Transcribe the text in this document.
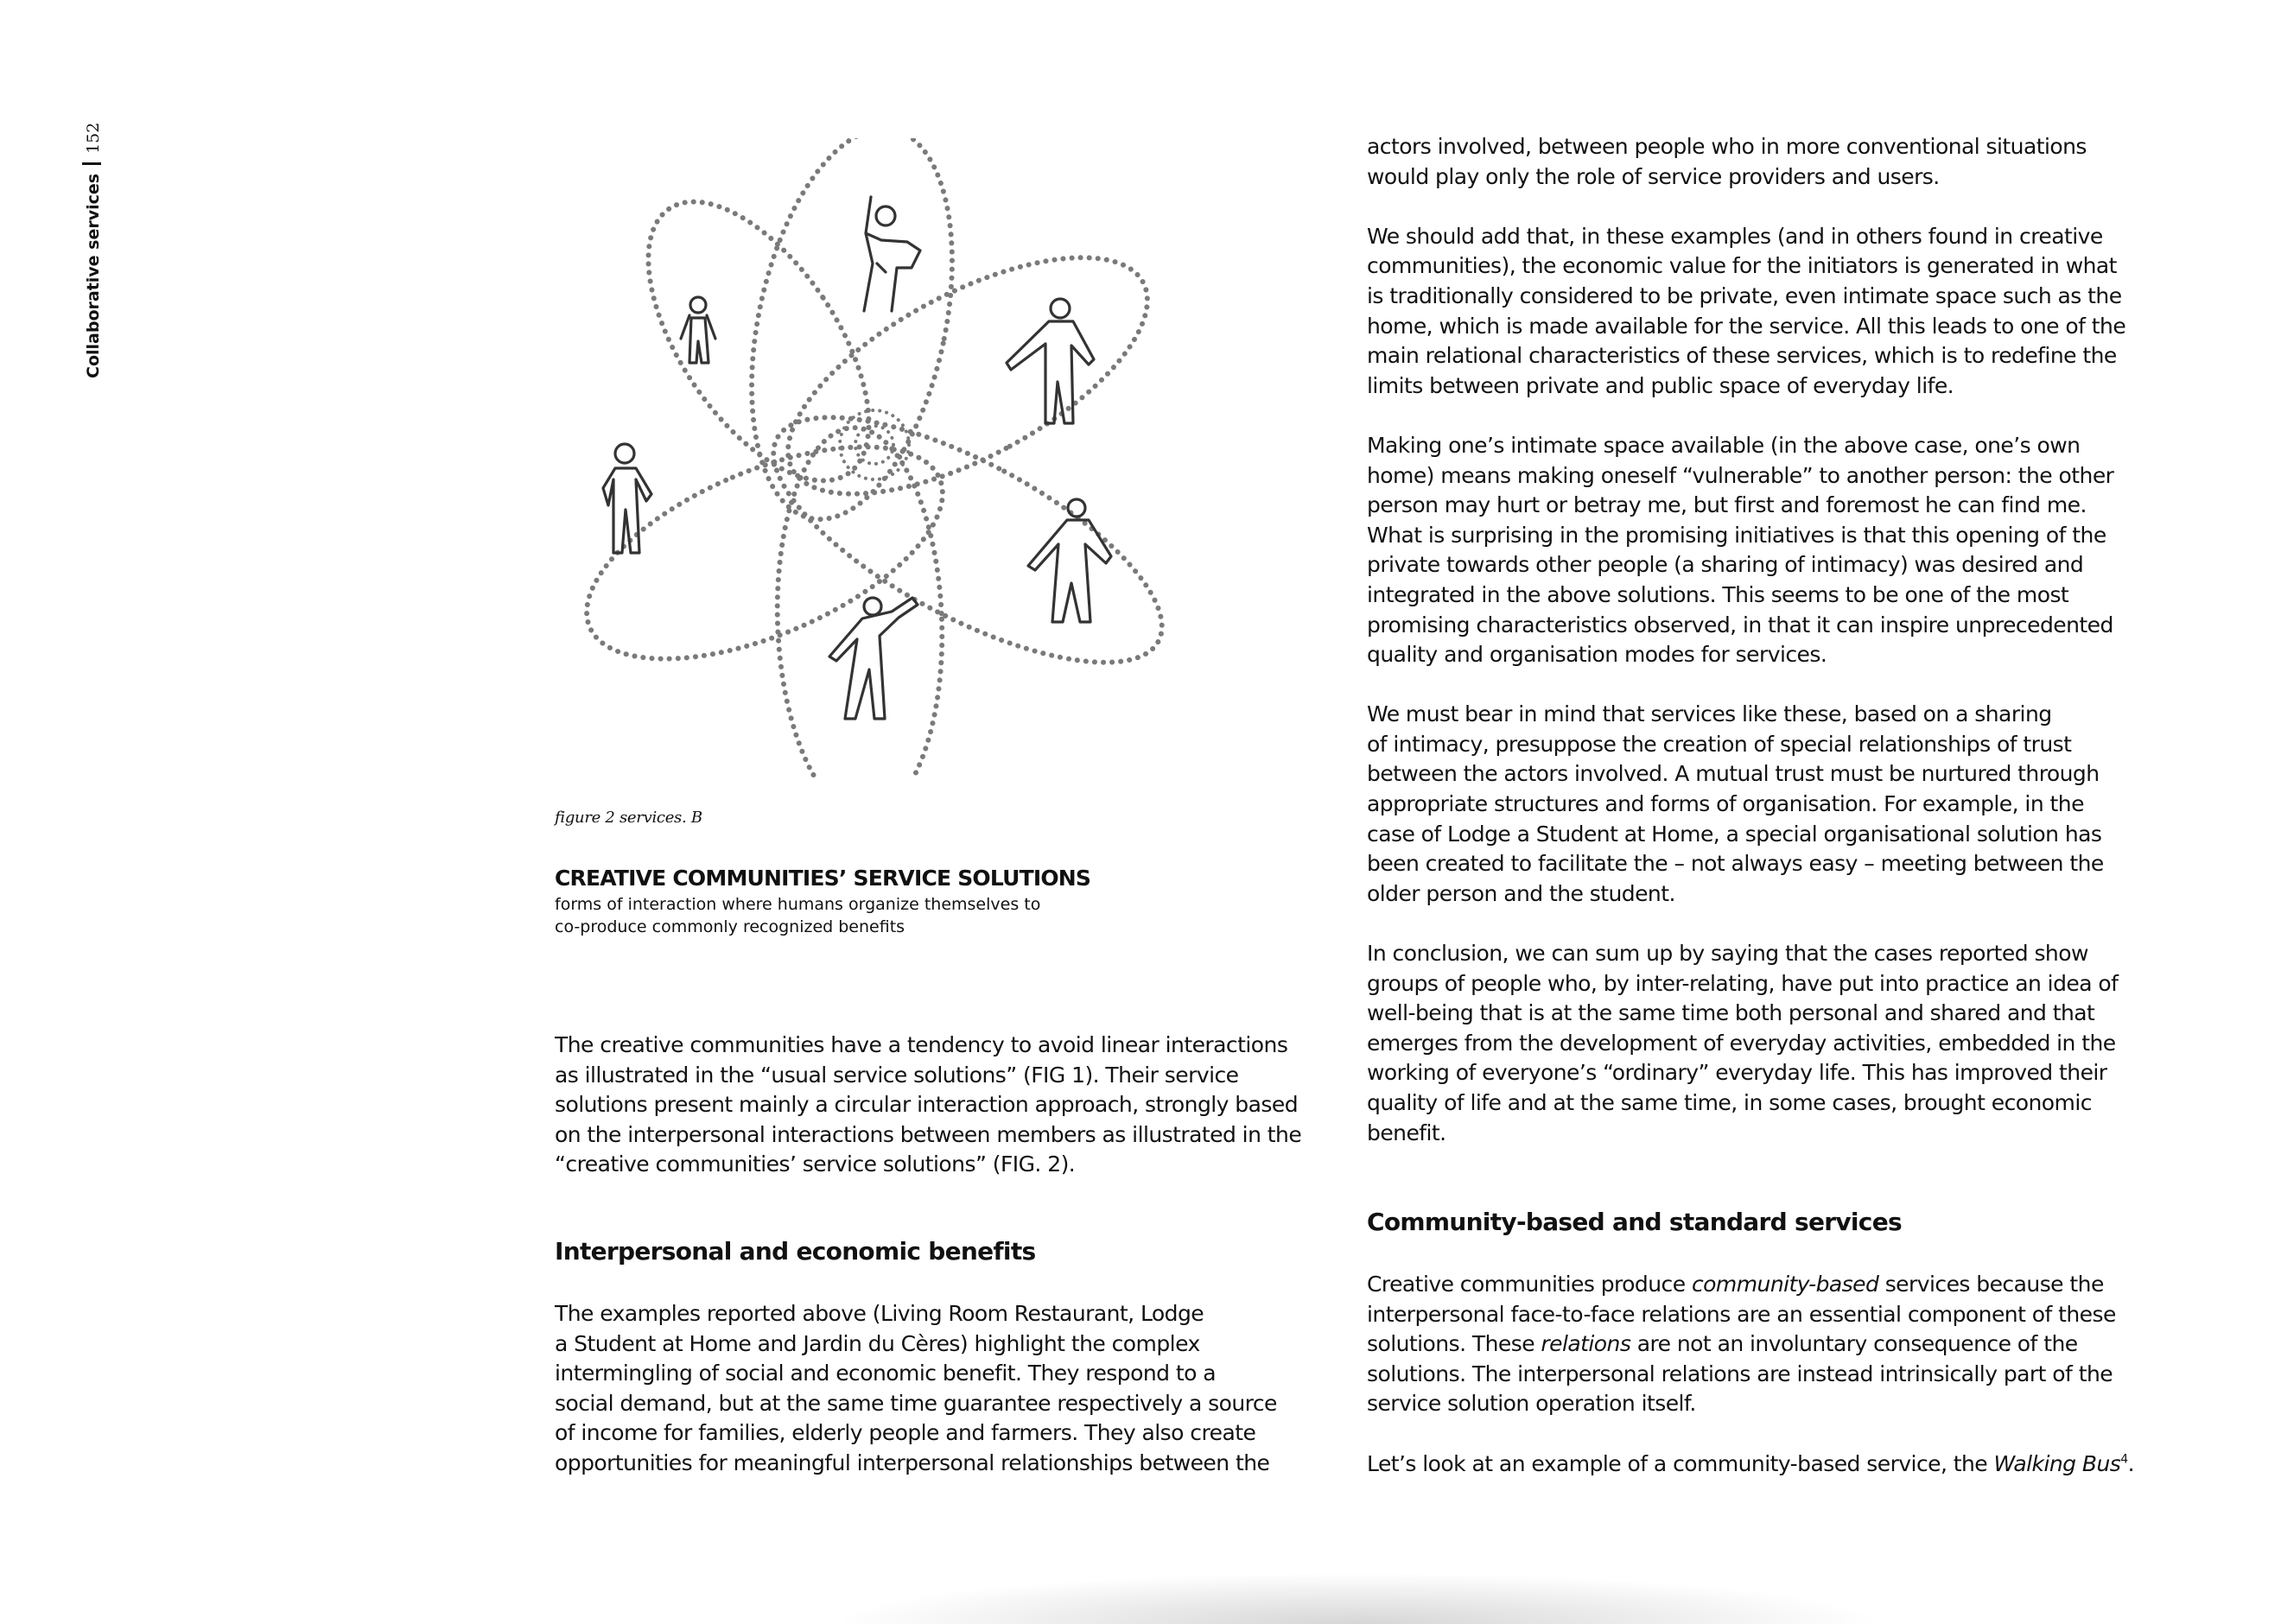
Collaborative services152
figure 2 services. B
CREATIVE COMMUNITIES’ SERVICE SOLUTIONS
forms of interaction where humans organize themselves to
co-produce commonly recognized benefits

The creative communities have a tendency to avoid linear interactions
as illustrated in the “usual service solutions” (FIG 1). Their service
solutions present mainly a circular interaction approach, strongly based
on the interpersonal interactions between members as illustrated in the
“creative communities’ service solutions” (FIG. 2).

Interpersonal and economic benefits

The examples reported above (Living Room Restaurant, Lodge
a Student at Home and Jardin du Cères) highlight the complex
intermingling of social and economic benefit. They respond to a
social demand, but at the same time guarantee respectively a source
of income for families, elderly people and farmers. They also create
opportunities for meaningful interpersonal relationships between the

actors involved, between people who in more conventional situations
would play only the role of service providers and users.

We should add that, in these examples (and in others found in creative
communities), the economic value for the initiators is generated in what
is traditionally considered to be private, even intimate space such as the
home, which is made available for the service. All this leads to one of the
main relational characteristics of these services, which is to redefine the
limits between private and public space of everyday life.

Making one’s intimate space available (in the above case, one’s own
home) means making oneself “vulnerable” to another person: the other
person may hurt or betray me, but first and foremost he can find me.
What is surprising in the promising initiatives is that this opening of the
private towards other people (a sharing of intimacy) was desired and
integrated in the above solutions. This seems to be one of the most
promising characteristics observed, in that it can inspire unprecedented
quality and organisation modes for services.

We must bear in mind that services like these, based on a sharing
of intimacy, presuppose the creation of special relationships of trust
between the actors involved. A mutual trust must be nurtured through
appropriate structures and forms of organisation. For example, in the
case of Lodge a Student at Home, a special organisational solution has
been created to facilitate the – not always easy – meeting between the
older person and the student.

In conclusion, we can sum up by saying that the cases reported show
groups of people who, by inter-relating, have put into practice an idea of
well-being that is at the same time both personal and shared and that
emerges from the development of everyday activities, embedded in the
working of everyone’s “ordinary” everyday life. This has improved their
quality of life and at the same time, in some cases, brought economic
benefit.

Community-based and standard services

Creative communities produce community-based services because the
interpersonal face-to-face relations are an essential component of these
solutions. These relations are not an involuntary consequence of the
solutions. The interpersonal relations are instead intrinsically part of the
service solution operation itself.

Let’s look at an example of a community-based service, the Walking Bus$^4$.
